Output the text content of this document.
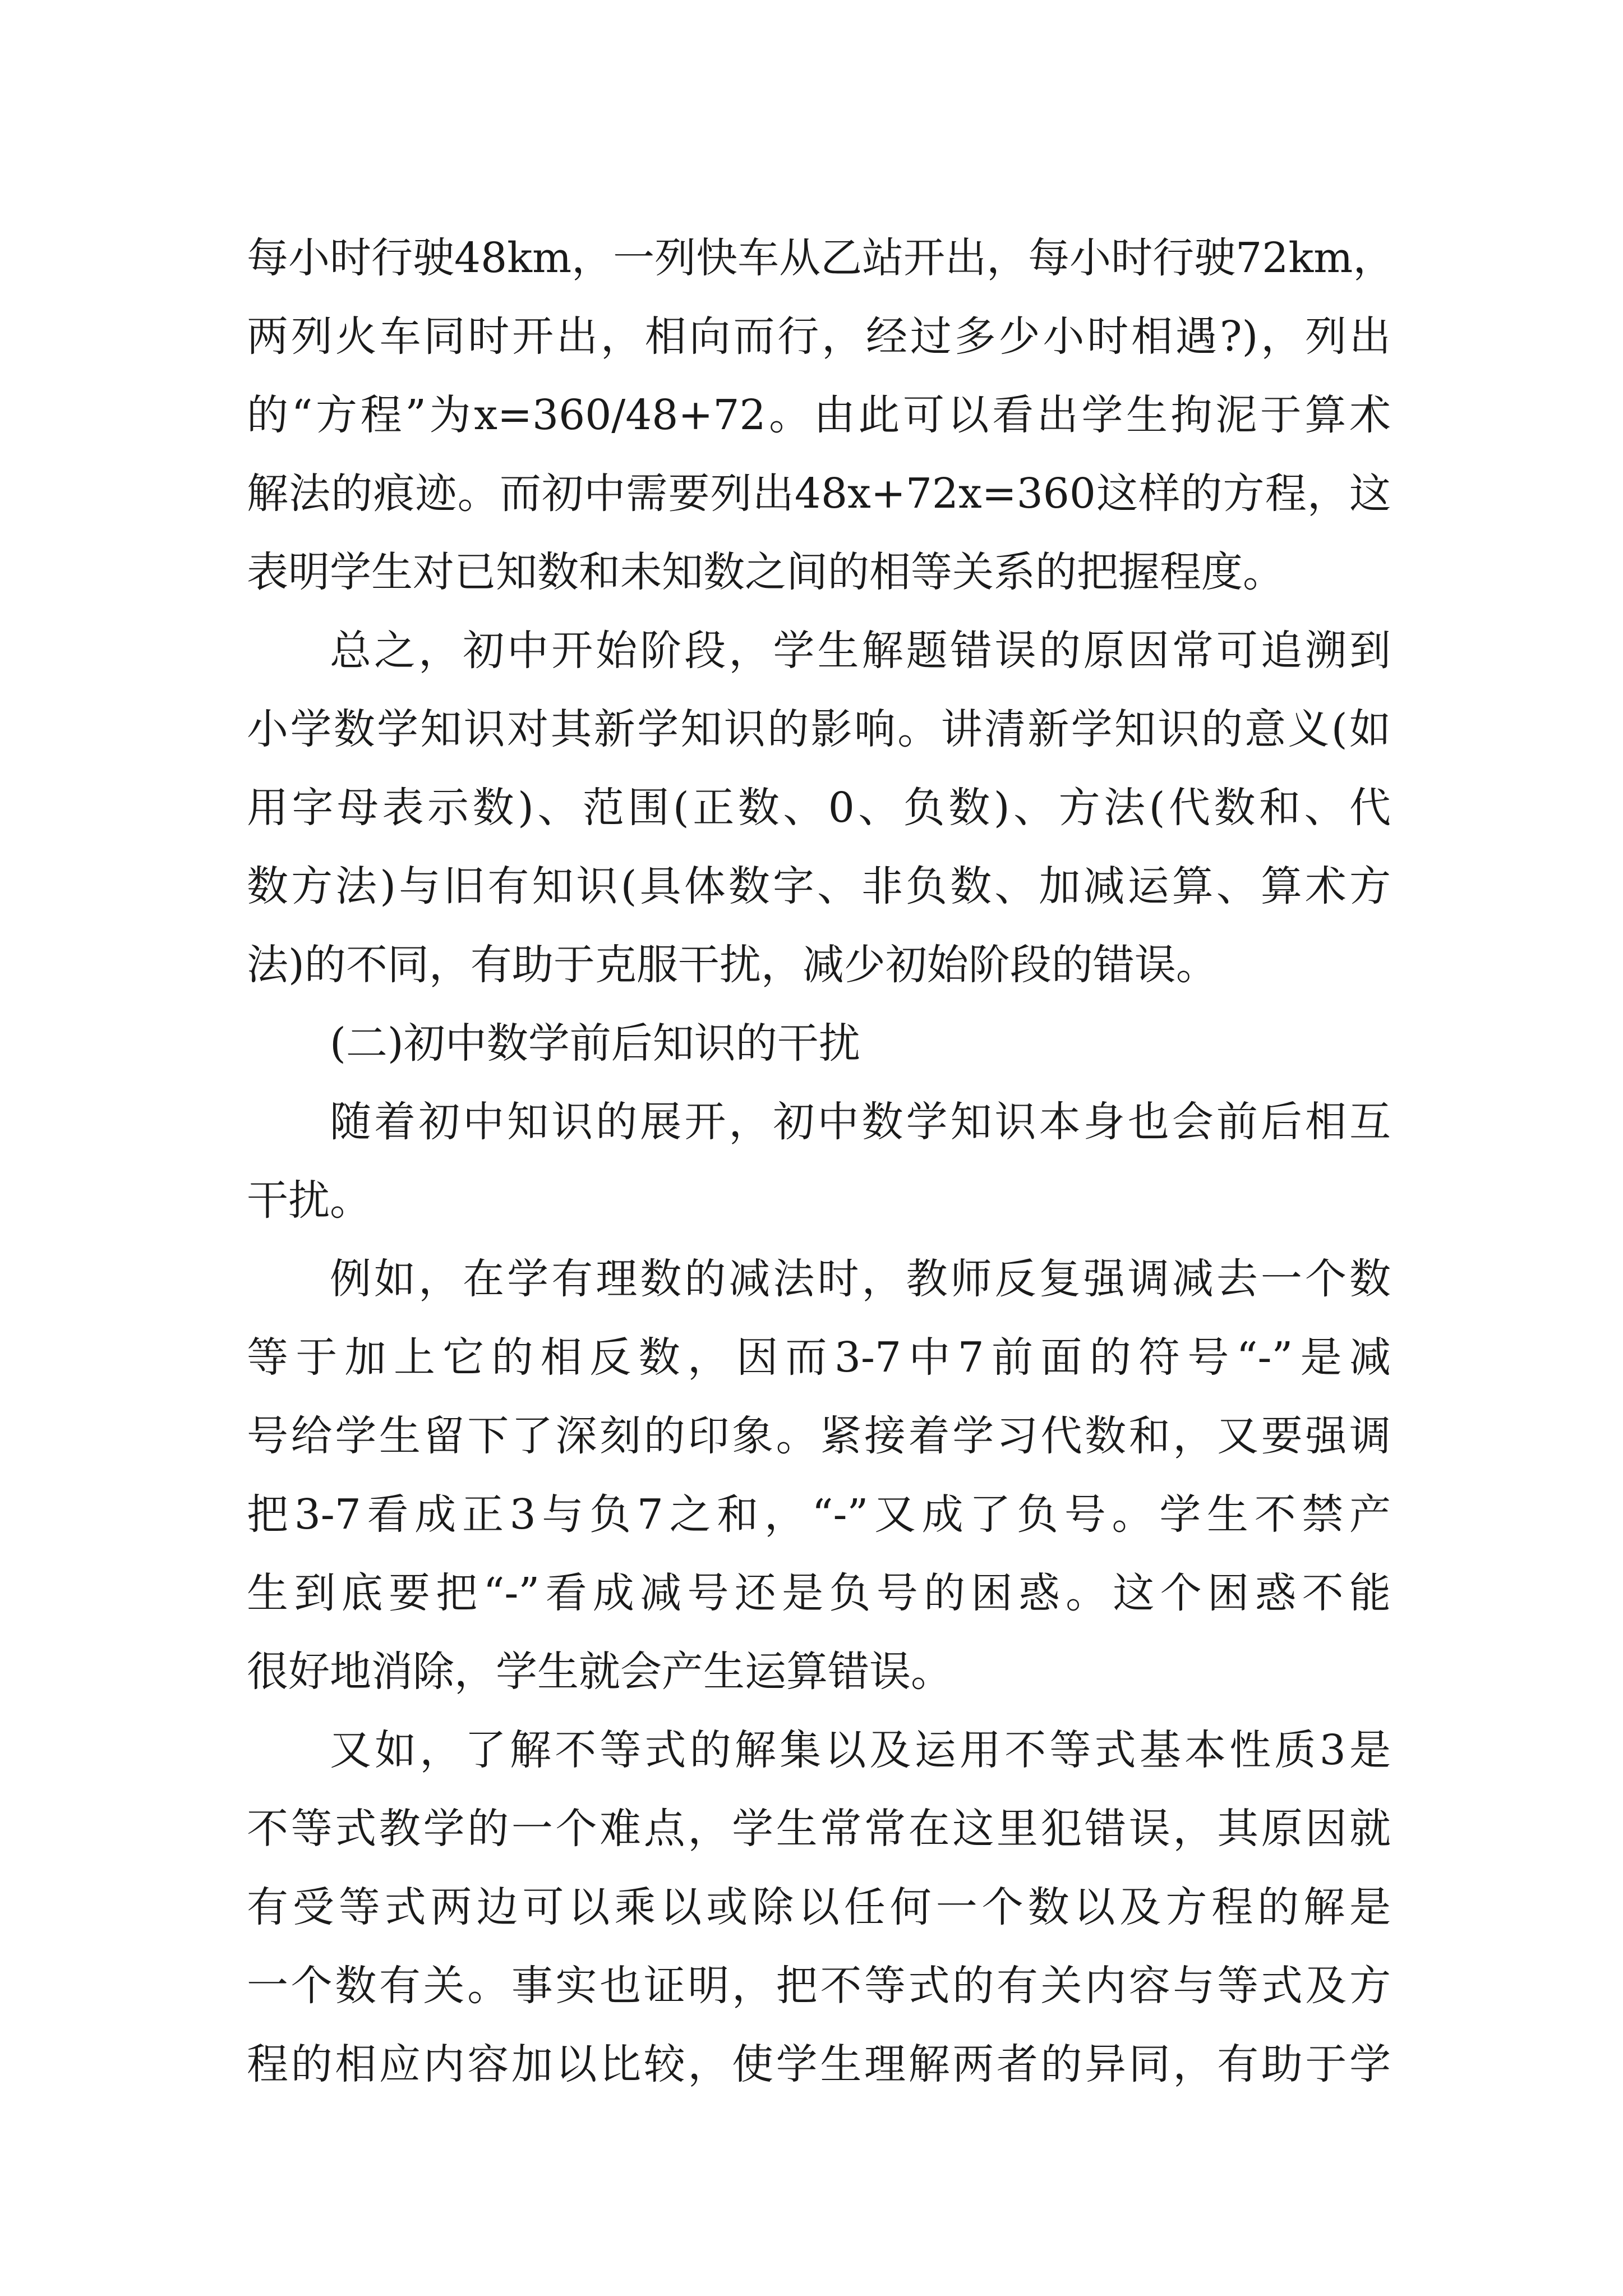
每小时行驶48km，一列快车从乙站开出，每小时行驶72km，
两列火车同时开出，相向而行，经过多少小时相遇?)，列出
的“方程”为x=360/48+72。由此可以看出学生拘泥于算术
解法的痕迹。而初中需要列出48x+72x=360这样的方程，这
表明学生对已知数和未知数之间的相等关系的把握程度。
总之，初中开始阶段，学生解题错误的原因常可追溯到
小学数学知识对其新学知识的影响。讲清新学知识的意义(如
用字母表示数)、范围(正数、0、负数)、方法(代数和、代
数方法)与旧有知识(具体数字、非负数、加减运算、算术方
法)的不同，有助于克服干扰，减少初始阶段的错误。
(二)初中数学前后知识的干扰
随着初中知识的展开，初中数学知识本身也会前后相互
干扰。
例如，在学有理数的减法时，教师反复强调减去一个数
等于加上它的相反数，因而3-7中7前面的符号“-”是减
号给学生留下了深刻的印象。紧接着学习代数和，又要强调
把3-7看成正3与负7之和，“-”又成了负号。学生不禁产
生到底要把“-”看成减号还是负号的困惑。这个困惑不能
很好地消除，学生就会产生运算错误。
又如，了解不等式的解集以及运用不等式基本性质3是
不等式教学的一个难点，学生常常在这里犯错误，其原因就
有受等式两边可以乘以或除以任何一个数以及方程的解是
一个数有关。事实也证明，把不等式的有关内容与等式及方
程的相应内容加以比较，使学生理解两者的异同，有助于学
